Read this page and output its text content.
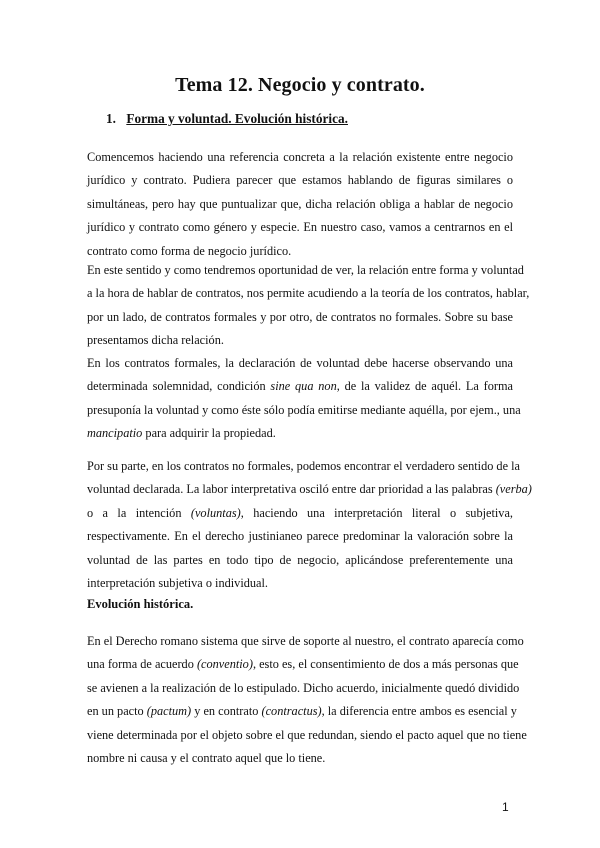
Tema 12. Negocio y contrato.
1. Forma y voluntad. Evolución histórica.

Comencemos haciendo una referencia concreta a la relación existente entre negocio
jurídico y contrato. Pudiera parecer que estamos hablando de figuras similares o
simultáneas, pero hay que puntualizar que, dicha relación obliga a hablar de negocio
jurídico y contrato como género y especie. En nuestro caso, vamos a centrarnos en el
contrato como forma de negocio jurídico.

En este sentido y como tendremos oportunidad de ver, la relación entre forma y voluntad
a la hora de hablar de contratos, nos permite acudiendo a la teoría de los contratos, hablar,
por un lado, de contratos formales y por otro, de contratos no formales. Sobre su base
presentamos dicha relación.

En los contratos formales, la declaración de voluntad debe hacerse observando una
determinada solemnidad, condición sine qua non, de la validez de aquél. La forma
presuponía la voluntad y como éste sólo podía emitirse mediante aquélla, por ejem., una
mancipatio para adquirir la propiedad.

Por su parte, en los contratos no formales, podemos encontrar el verdadero sentido de la
voluntad declarada. La labor interpretativa osciló entre dar prioridad a las palabras (verba)
o a la intención (voluntas), haciendo una interpretación literal o subjetiva,
respectivamente. En el derecho justinianeo parece predominar la valoración sobre la
voluntad de las partes en todo tipo de negocio, aplicándose preferentemente una
interpretación subjetiva o individual.

Evolución histórica.

En el Derecho romano sistema que sirve de soporte al nuestro, el contrato aparecía como
una forma de acuerdo (conventio), esto es, el consentimiento de dos a más personas que
se avienen a la realización de lo estipulado. Dicho acuerdo, inicialmente quedó dividido
en un pacto (pactum) y en contrato (contractus), la diferencia entre ambos es esencial y
viene determinada por el objeto sobre el que redundan, siendo el pacto aquel que no tiene
nombre ni causa y el contrato aquel que lo tiene.

1
